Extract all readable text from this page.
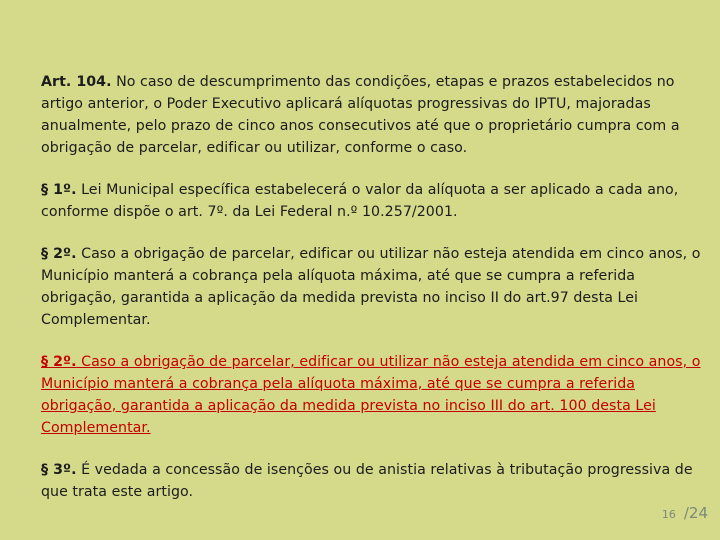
Art. 104. No caso de descumprimento das condições, etapas e prazos estabelecidos no artigo anterior, o Poder Executivo aplicará alíquotas progressivas do IPTU, majoradas anualmente, pelo prazo de cinco anos consecutivos até que o proprietário cumpra com a obrigação de parcelar, edificar ou utilizar, conforme o caso.

§ 1º. Lei Municipal específica estabelecerá o valor da alíquota a ser aplicado a cada ano, conforme dispõe o art. 7º. da Lei Federal n.º 10.257/2001.

§ 2º. Caso a obrigação de parcelar, edificar ou utilizar não esteja atendida em cinco anos, o Município manterá a cobrança pela alíquota máxima, até que se cumpra a referida obrigação, garantida a aplicação da medida prevista no inciso II do art.97 desta Lei Complementar.

§ 2º. Caso a obrigação de parcelar, edificar ou utilizar não esteja atendida em cinco anos, o Município manterá a cobrança pela alíquota máxima, até que se cumpra a referida obrigação, garantida a aplicação da medida prevista no inciso III do art. 100 desta Lei Complementar.

§ 3º. É vedada a concessão de isenções ou de anistia relativas à tributação progressiva de que trata este artigo.

16 /24
